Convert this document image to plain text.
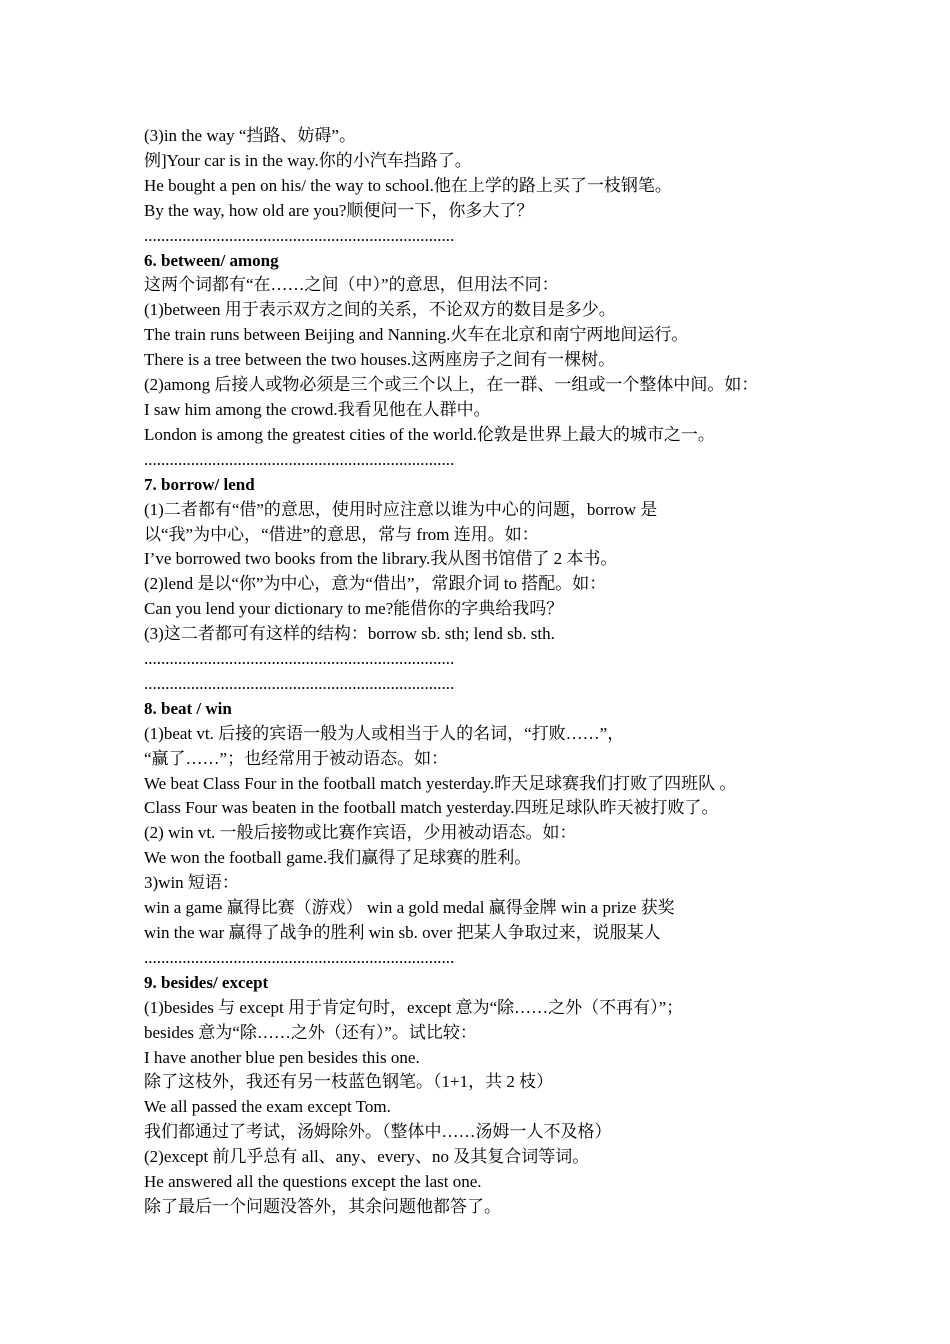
(3)in the way “挡路、妨碍”。
例]Your car is in the way.你的小汽车挡路了。
He bought a pen on his/ the way to school.他在上学的路上买了一枝钢笔。
By the way, how old are you?顺便问一下，你多大了？
.........................................................................
6. between/ among
这两个词都有“在……之间（中）”的意思，但用法不同：
(1)between 用于表示双方之间的关系，不论双方的数目是多少。
The train runs between Beijing and Nanning.火车在北京和南宁两地间运行。
There is a tree between the two houses.这两座房子之间有一棵树。
(2)among 后接人或物必须是三个或三个以上，在一群、一组或一个整体中间。如：
I saw him among the crowd.我看见他在人群中。
London is among the greatest cities of the world.伦敦是世界上最大的城市之一。
.........................................................................
7. borrow/ lend
(1)二者都有“借”的意思，使用时应注意以谁为中心的问题，borrow 是
以“我”为中心，“借进”的意思，常与 from 连用。如：
I’ve borrowed two books from the library.我从图书馆借了 2 本书。
(2)lend 是以“你”为中心，意为“借出”，常跟介词 to 搭配。如：
Can you lend your dictionary to me?能借你的字典给我吗？
(3)这二者都可有这样的结构：borrow sb. sth; lend sb. sth.
.........................................................................
.........................................................................
8. beat / win
(1)beat vt. 后接的宾语一般为人或相当于人的名词，“打败……”，
“赢了……”；也经常用于被动语态。如：
We beat Class Four in the football match yesterday.昨天足球赛我们打败了四班队 。
Class Four was beaten in the football match yesterday.四班足球队昨天被打败了。
(2) win vt. 一般后接物或比赛作宾语，少用被动语态。如：
We won the football game.我们赢得了足球赛的胜利。
3)win 短语：
win a game 赢得比赛（游戏） win a gold medal 赢得金牌 win a prize 获奖
win the war 赢得了战争的胜利 win sb. over 把某人争取过来，说服某人
.........................................................................
9. besides/ except
(1)besides 与 except 用于肯定句时，except 意为“除……之外（不再有）”；
besides 意为“除……之外（还有）”。试比较：
I have another blue pen besides this one.
除了这枝外，我还有另一枝蓝色钢笔。（1+1，共 2 枝）
We all passed the exam except Tom.
我们都通过了考试，汤姆除外。（整体中……汤姆一人不及格）
(2)except 前几乎总有 all、any、every、no 及其复合词等词。
He answered all the questions except the last one.
除了最后一个问题没答外，其余问题他都答了。
